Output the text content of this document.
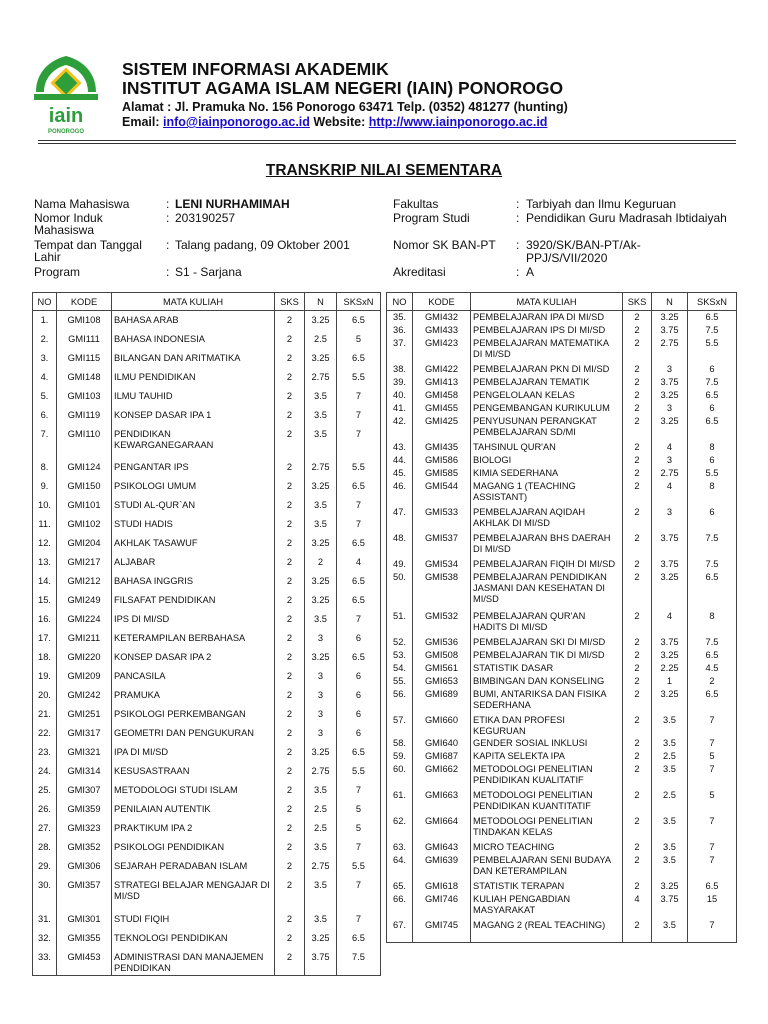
iain
PONOROGO
SISTEM INFORMASI AKADEMIK
INSTITUT AGAMA ISLAM NEGERI (IAIN) PONOROGO
Alamat : Jl. Pramuka No. 156 Ponorogo 63471 Telp. (0352) 481277 (hunting)
Email: info@iainponorogo.ac.id Website: http://www.iainponorogo.ac.id
TRANSKRIP NILAI SEMENTARA
Nama Mahasiswa	: LENI NURHAMIMAH
Nomor Induk Mahasiswa
: 203190257
Tempat dan Tanggal Lahir
: Talang padang, 09 Oktober 2001
Program	: S1 - Sarjana
Fakultas	: Tarbiyah dan Ilmu Keguruan
Program Studi	: Pendidikan Guru Madrasah Ibtidaiyah
Nomor SK BAN-PT : 3920/SK/BAN-PT/Ak-
PPJ/S/VII/2020
Akreditasi	: A
NO	KODE	MATA KULIAH	SKS	N	SKSxN
1.	GMI108	BAHASA ARAB	2	3.25	6.5
2.	GMI111	BAHASA INDONESIA	2	2.5	5
3.	GMI115	BILANGAN DAN ARITMATIKA	2	3.25	6.5
4.	GMI148	ILMU PENDIDIKAN	2	2.75	5.5
5.	GMI103	ILMU TAUHID	2	3.5	7
6.	GMI119	KONSEP DASAR IPA 1	2	3.5	7
7.	GMI110	PENDIDIKAN KEWARGANEGARAAN	2	3.5	7
8.	GMI124	PENGANTAR IPS	2	2.75	5.5
9.	GMI150	PSIKOLOGI UMUM	2	3.25	6.5
10.	GMI101	STUDI AL-QUR`AN	2	3.5	7
11.	GMI102	STUDI HADIS	2	3.5	7
12.	GMI204	AKHLAK TASAWUF	2	3.25	6.5
13.	GMI217	ALJABAR	2	2	4
14.	GMI212	BAHASA INGGRIS	2	3.25	6.5
15.	GMI249	FILSAFAT PENDIDIKAN	2	3.25	6.5
16.	GMI224	IPS DI MI/SD	2	3.5	7
17.	GMI211	KETERAMPILAN BERBAHASA	2	3	6
18.	GMI220	KONSEP DASAR IPA 2	2	3.25	6.5
19.	GMI209	PANCASILA	2	3	6
20.	GMI242	PRAMUKA	2	3	6
21.	GMI251	PSIKOLOGI PERKEMBANGAN	2	3	6
22.	GMI317	GEOMETRI DAN PENGUKURAN	2	3	6
23.	GMI321	IPA DI MI/SD	2	3.25	6.5
24.	GMI314	KESUSASTRAAN	2	2.75	5.5
25.	GMI307	METODOLOGI STUDI ISLAM	2	3.5	7
26.	GMI359	PENILAIAN AUTENTIK	2	2.5	5
27.	GMI323	PRAKTIKUM IPA 2	2	2.5	5
28.	GMI352	PSIKOLOGI PENDIDIKAN	2	3.5	7
29.	GMI306	SEJARAH PERADABAN ISLAM	2	2.75	5.5
30.	GMI357	STRATEGI BELAJAR MENGAJAR DI MI/SD	2	3.5	7
31.	GMI301	STUDI FIQIH	2	3.5	7
32.	GMI355	TEKNOLOGI PENDIDIKAN	2	3.25	6.5
33.	GMI453	ADMINISTRASI DAN MANAJEMEN PENDIDIKAN	2	3.75	7.5
NO	KODE	MATA KULIAH	SKS	N	SKSxN
35.	GMI432	PEMBELAJARAN IPA DI MI/SD	2	3.25	6.5
36.	GMI433	PEMBELAJARAN IPS DI MI/SD	2	3.75	7.5
37.	GMI423	PEMBELAJARAN MATEMATIKA DI MI/SD	2	2.75	5.5
38.	GMI422	PEMBELAJARAN PKN DI MI/SD	2	3	6
39.	GMI413	PEMBELAJARAN TEMATIK	2	3.75	7.5
40.	GMI458	PENGELOLAAN KELAS	2	3.25	6.5
41.	GMI455	PENGEMBANGAN KURIKULUM	2	3	6
42.	GMI425	PENYUSUNAN PERANGKAT PEMBELAJARAN SD/MI	2	3.25	6.5
43.	GMI435	TAHSINUL QUR'AN	2	4	8
44.	GMI586	BIOLOGI	2	3	6
45.	GMI585	KIMIA SEDERHANA	2	2.75	5.5
46.	GMI544	MAGANG 1 (TEACHING ASSISTANT)	2	4	8
47.	GMI533	PEMBELAJARAN AQIDAH AKHLAK DI MI/SD	2	3	6
48.	GMI537	PEMBELAJARAN BHS DAERAH DI MI/SD	2	3.75	7.5
49.	GMI534	PEMBELAJARAN FIQIH DI MI/SD	2	3.75	7.5
50.	GMI538	PEMBELAJARAN PENDIDIKAN JASMANI DAN KESEHATAN DI MI/SD	2	3.25	6.5
51.	GMI532	PEMBELAJARAN QUR'AN HADITS DI MI/SD	2	4	8
52.	GMI536	PEMBELAJARAN SKI DI MI/SD	2	3.75	7.5
53.	GMI508	PEMBELAJARAN TIK DI MI/SD	2	3.25	6.5
54.	GMI561	STATISTIK DASAR	2	2.25	4.5
55.	GMI653	BIMBINGAN DAN KONSELING	2	1	2
56.	GMI689	BUMI, ANTARIKSA DAN FISIKA SEDERHANA	2	3.25	6.5
57.	GMI660	ETIKA DAN PROFESI KEGURUAN	2	3.5	7
58.	GMI640	GENDER SOSIAL INKLUSI	2	3.5	7
59.	GMI687	KAPITA SELEKTA IPA	2	2.5	5
60.	GMI662	METODOLOGI PENELITIAN PENDIDIKAN KUALITATIF	2	3.5	7
61.	GMI663	METODOLOGI PENELITIAN PENDIDIKAN KUANTITATIF	2	2.5	5
62.	GMI664	METODOLOGI PENELITIAN TINDAKAN KELAS	2	3.5	7
63.	GMI643	MICRO TEACHING	2	3.5	7
64.	GMI639	PEMBELAJARAN SENI BUDAYA DAN KETERAMPILAN	2	3.5	7
65.	GMI618	STATISTIK TERAPAN	2	3.25	6.5
66.	GMI746	KULIAH PENGABDIAN MASYARAKAT	4	3.75	15
67.	GMI745	MAGANG 2 (REAL TEACHING)	2	3.5	7
